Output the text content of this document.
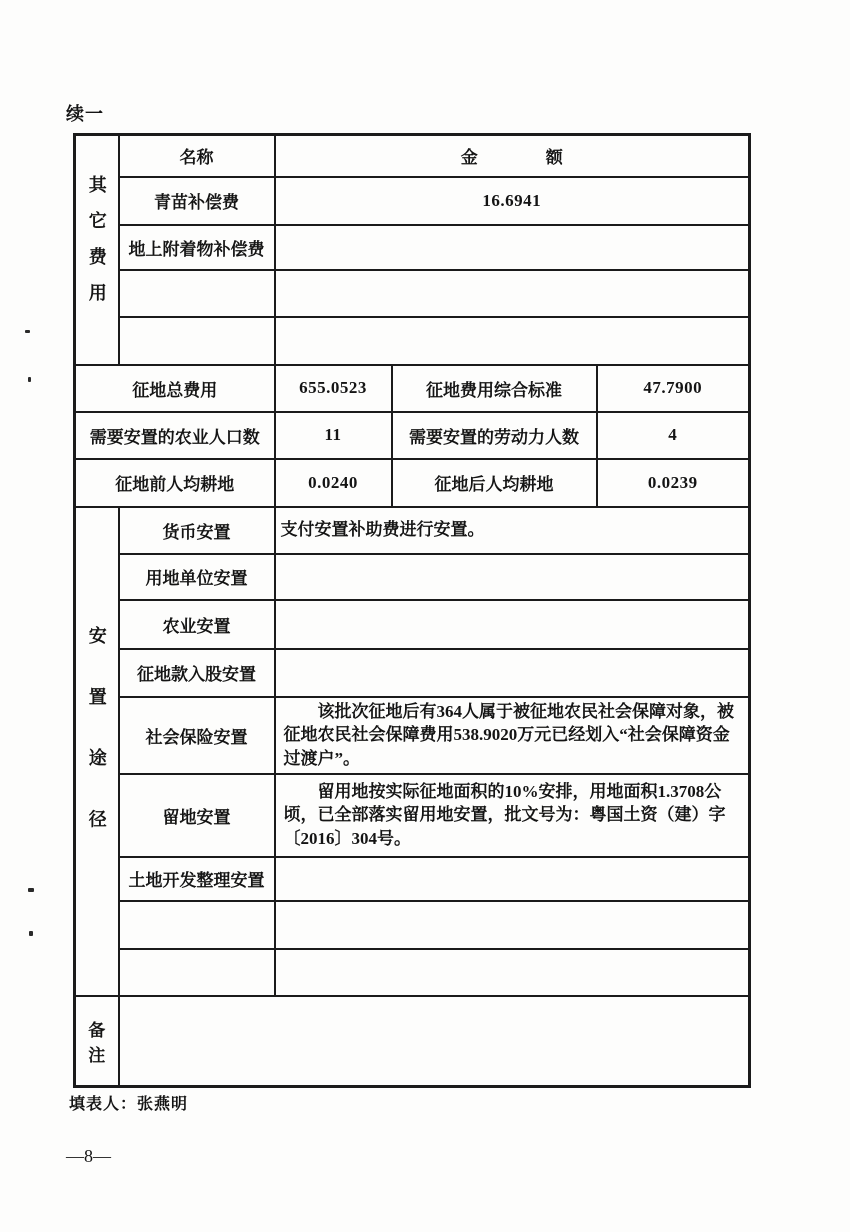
续一
其它费用	名称	金　　　　额		
	青苗补偿费	16.6941		
	地上附着物补偿费			

征地总费用		655.0523	征地费用综合标准	47.7900
需要安置的农业人口数		11	需要安置的劳动力人数	4
征地前人均耕地		0.0240	征地后人均耕地	0.0239
安置途径	货币安置	支付安置补助费进行安置。		
	用地单位安置			
	农业安置			
	征地款入股安置			
	社会保险安置	该批次征地后有364人属于被征地农民社会保障对象，被征地农民社会保障费用538.9020万元已经划入“社会保障资金过渡户”。		
	留地安置	留用地按实际征地面积的10%安排，用地面积1.3708公顷，已全部落实留用地安置，批文号为：粤国土资（建）字〔2016〕304号。		
	土地开发整理安置			

备注				
填表人：张燕明
—8—
